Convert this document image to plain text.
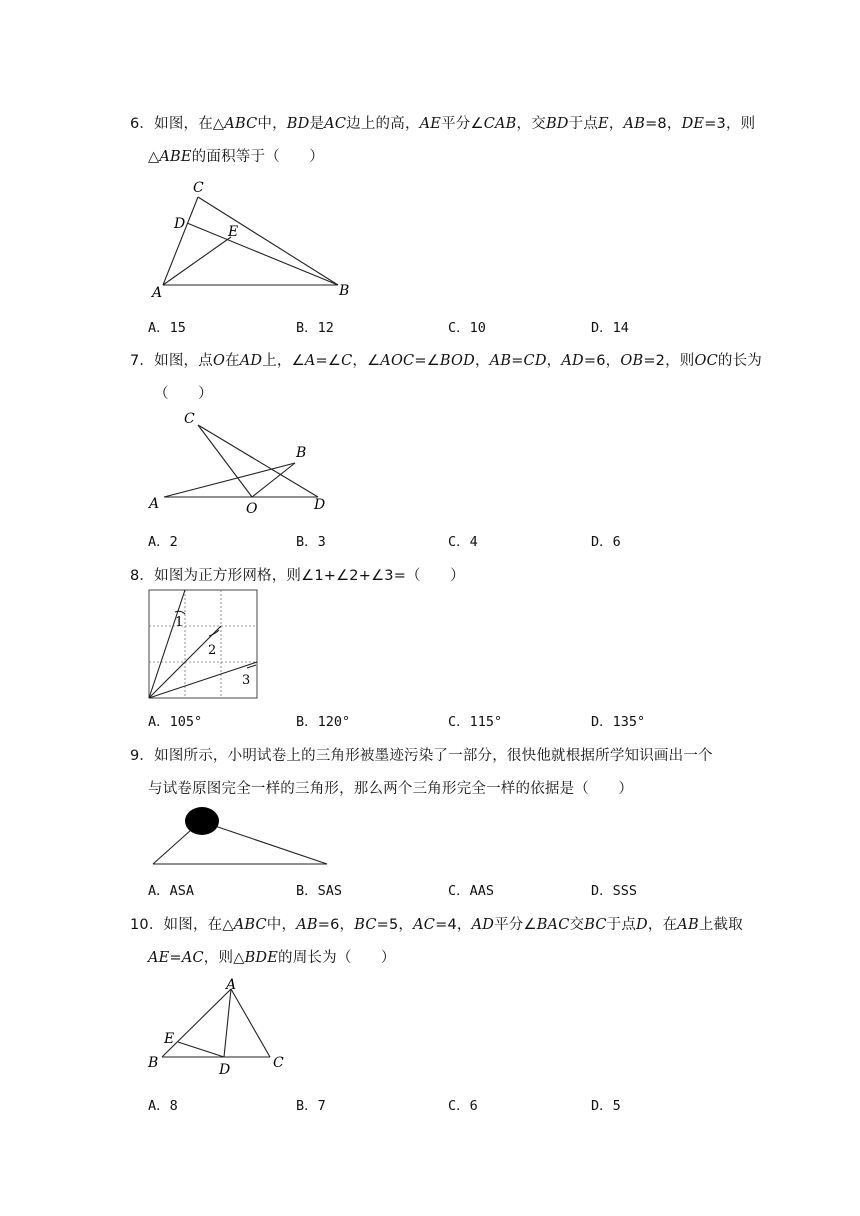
6．如图，在△ABC中，BD是AC边上的高，AE平分∠CAB，交BD于点E，AB=8，DE=3，则
△ABE的面积等于（　　）
C
D	E
A	B
A．15	B．12	C．10	D．14
7．如图，点O在AD上，∠A=∠C，∠AOC=∠BOD，AB=CD，AD=6，OB=2，则OC的长为
（　　）
C
B
A	O	D
A．2	B．3	C．4	D．6
8．如图为正方形网格，则∠1+∠2+∠3=（　　）
1
2
3
A．105°	B．120°	C．115°	D．135°
9．如图所示，小明试卷上的三角形被墨迹污染了一部分，很快他就根据所学知识画出一个
与试卷原图完全一样的三角形，那么两个三角形完全一样的依据是（　　）
A．ASA	B．SAS	C．AAS	D．SSS
10．如图，在△ABC中，AB=6，BC=5，AC=4，AD平分∠BAC交BC于点D，在AB上截取
AE=AC，则△BDE的周长为（　　）
A
E
B	D	C
A．8	B．7	C．6	D．5
